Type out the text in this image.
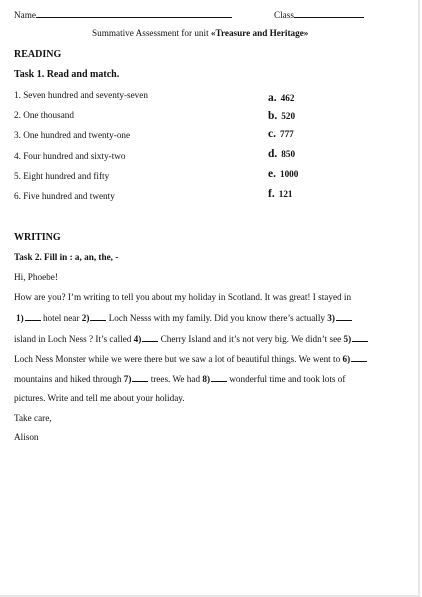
Name	Class
Summative Assessment for unit «Treasure and Heritage»
READING
Task 1. Read and match.
1. Seven hundred and seventy-seven
2. One thousand
3. One hundred and twenty-one
4. Four hundred and sixty-two
5. Eight hundred and fifty
6. Five hundred and twenty
a. 462
b. 520
c. 777
d. 850
e. 1000
f. 121
WRITING
Task 2. Fill in : a, an, the, -
Hi, Phoebe!
How are you? I’m writing to tell you about my holiday in Scotland. It was great! I stayed in
1) hotel near 2) Loch Nesss with my family. Did you know there’s actually 3)
island in Loch Ness ? It’s called 4) Cherry Island and it’s not very big. We didn’t see 5)
Loch Ness Monster while we were there but we saw a lot of beautiful things. We went to 6)
mountains and hiked through 7) trees. We had 8) wonderful time and took lots of
pictures. Write and tell me about your holiday.
Take care,
Alison
